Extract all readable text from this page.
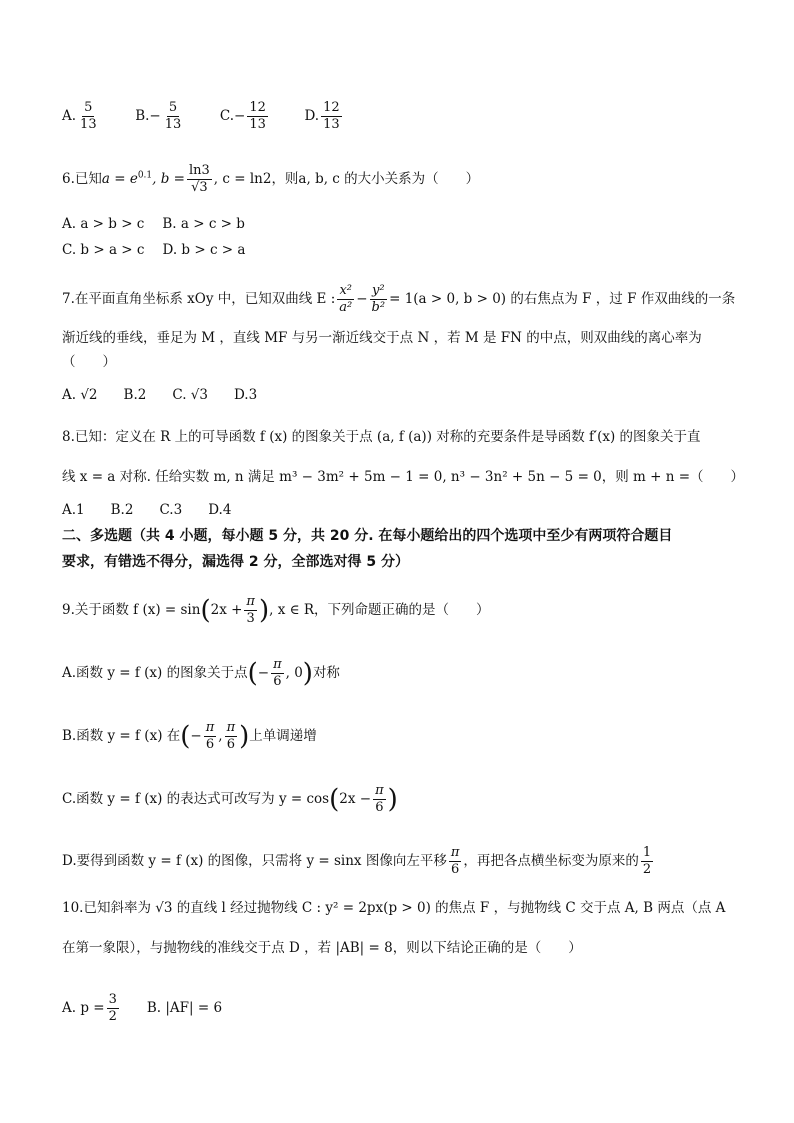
A. $\frac{5}{13}$	$B.- \frac{5}{13}$	$C.- \frac{12}{13}$	D. $\frac{12}{13}$
6.已知$a = e^{0.1}$, $b = \frac{\ln 3}{√3}$ , c = ln2，则a, b, c 的大小关系为（　　）
A. a > b > c B. a > c > b
C. b > a > c D. b > c > a
7.在平面直角坐标系 xOy 中，已知双曲线 E : $\frac{\text{x²}}{\text{a²}} - \frac{\text{y²}}{\text{b²}} = 1(a > 0$, b > 0) 的右焦点为 F ，过 F 作双曲线的一条
渐近线的垂线，垂足为 M ，直线 MF 与另一渐近线交于点 N ，若 M 是 FN 的中点，则双曲线的离心率为
（　　）
A. √2 B.2 C. √3 D.3
8.已知：定义在 R 上的可导函数 f (x) 的图象关于点 (a, f (a)) 对称的充要条件是导函数 f′(x) 的图象关于直
线 x = a 对称. 任给实数 m, n 满足 m³ − 3m² + 5m − 1 = 0, n³ − 3n² + 5n − 5 = 0，则 m + n =（　　）
A.1 B.2 C.3 D.4
二、多选题（共 4 小题，每小题 5 分，共 20 分. 在每小题给出的四个选项中至少有两项符合题目
要求，有错选不得分，漏选得 2 分，全部选对得 5 分）
9.关于函数 f $(x) = \sin(2x + \frac{\pi}{3}$ ), x ∈ R，下列命题正确的是（　　）
A.函数 y = f (x) 的图象关于点(− $\frac{\pi}{6}$ , 0)对称
B.函数 y = f (x) 在(− $\frac{\pi}{6}$ , $\frac{\pi}{6}$ )上单调递增
C.函数 y = f (x) 的表达式可改写为 $y = \cos(2x - \frac{\pi}{6}$ )
D.要得到函数 y = f (x) 的图像，只需将 y = sinx 图像向左平移 $\frac{\pi}{6}$ ，再把各点横坐标变为原来的 $\frac{1}{2}$
10.已知斜率为 √3 的直线 l 经过抛物线 C : y² = 2px(p > 0) 的焦点 F ，与抛物线 C 交于点 A, B 两点（点 A
在第一象限），与抛物线的准线交于点 D ，若 |AB| = 8，则以下结论正确的是（　　）
A. $p = \frac{3}{2} B$. |AF| = 6
